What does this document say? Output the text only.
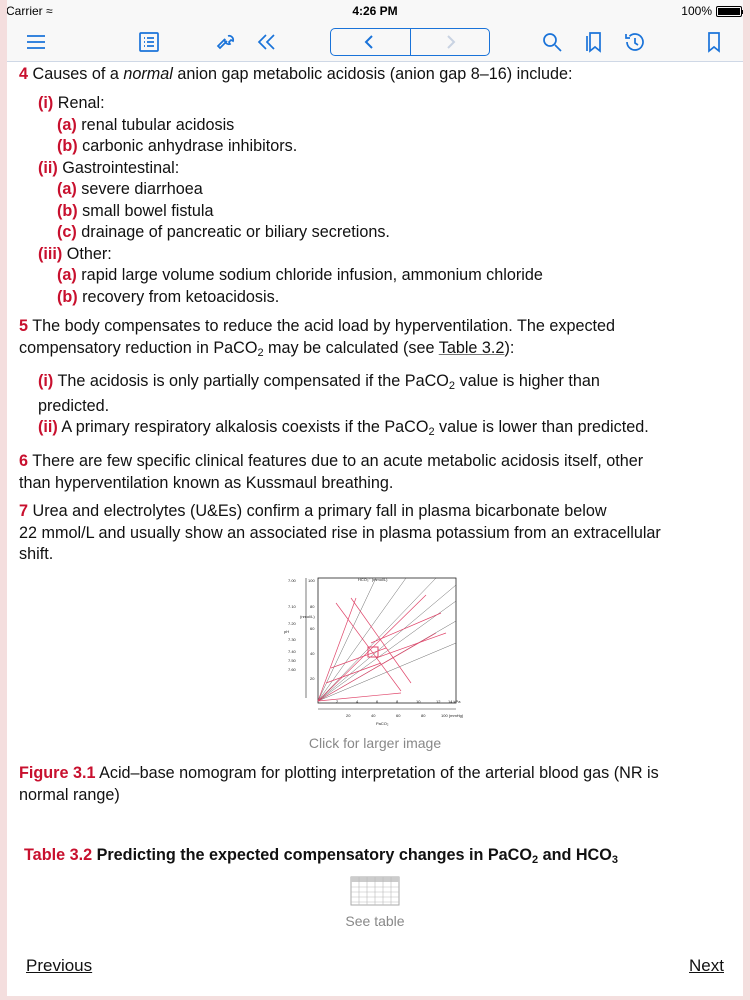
Carrier ≈	4:26 PM	100%
4 Causes of a normal anion gap metabolic acidosis (anion gap 8–16) include:
(i) Renal:
(a) renal tubular acidosis
(b) carbonic anhydrase inhibitors.
(ii) Gastrointestinal:
(a) severe diarrhoea
(b) small bowel fistula
(c) drainage of pancreatic or biliary secretions.
(iii) Other:
(a) rapid large volume sodium chloride infusion, ammonium chloride
(b) recovery from ketoacidosis.
5 The body compensates to reduce the acid load by hyperventilation. The expected
compensatory reduction in PaCO$_2$ may be calculated (see Table 3.2):
(i) The acidosis is only partially compensated if the PaCO$_2$ value is higher than
predicted.
(ii) A primary respiratory alkalosis coexists if the PaCO$_2$ value is lower than predicted.
6 There are few specific clinical features due to an acute metabolic acidosis itself, other
than hyperventilation known as Kussmaul breathing.
7 Urea and electrolytes (U&Es) confirm a primary fall in plasma bicarbonate below
22 mmol/L and usually show an associated rise in plasma potassium from an extracellular
shift.
Figure 3.1 Acid–base nomogram for plotting interpretation of the arterial blood gas (NR is
normal range)
7.00
7.10
7.20
pH
7.30
7.40
7.50
7.60
100
80
(nmol/L)
60
40
20
HCO₃⁻ (mmol/L)
2	4	6	8	10	12 14 kPa
20	40	60	80	100 (mmHg)
PaCO₂
Click for larger image
Table 3.2 Predicting the expected compensatory changes in PaCO$_2$ and $HCO_3$
See table
Previous	Next
